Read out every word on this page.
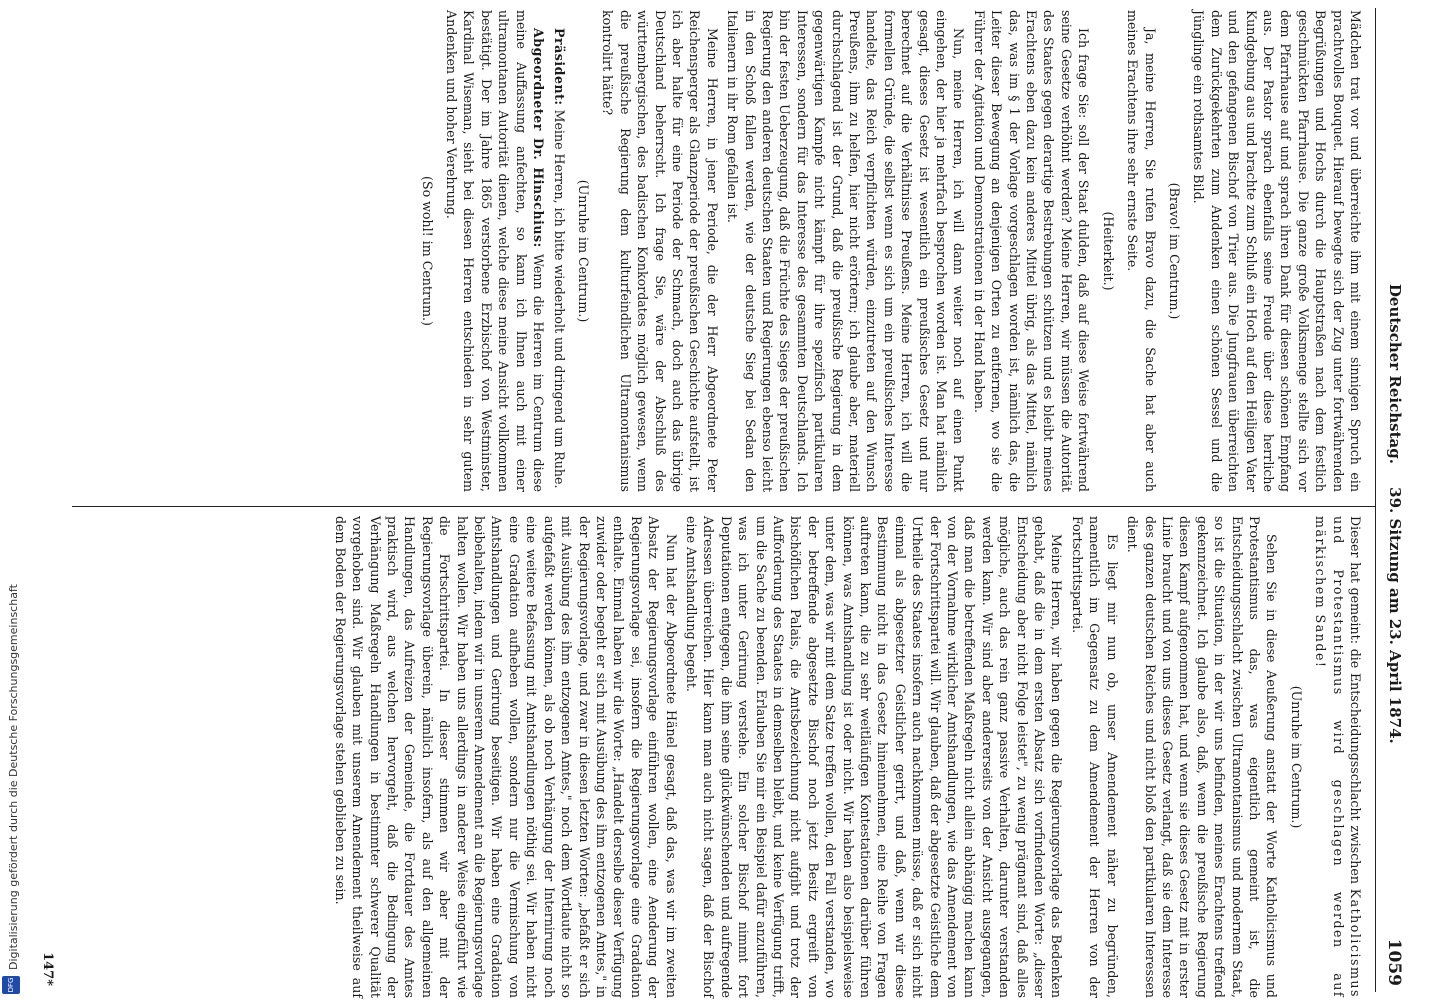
Deutscher Reichstag.
39. Sitzung am 23. April 1874.
1059

Mädchen trat vor und überreichte ihm mit einem sinnigen Spruch ein prachtvolles Bouquet. Hierauf bewegte sich der Zug unter fortwährenden Begrüßungen und Hochs durch die Hauptstraßen nach dem festlich geschmückten Pfarrhause. Die ganze große Volksmenge stellte sich vor dem Pfarrhause auf und sprach ihren Dank für diesen schönen Empfang aus. Der Pastor sprach ebenfalls seine Freude über diese herrliche Kundgebung aus und brachte zum Schluß ein Hoch auf den Heiligen Vater und den gefangenen Bischof von Trier aus. Die Jungfrauen überreichten dem Zurückgekehrten zum Andenken einen schönen Sessel und die Jünglinge ein rothsamtes Bild.

(Bravo! im Centrum.)

Ja, meine Herren, Sie rufen Bravo dazu, die Sache hat aber auch meines Erachtens ihre sehr ernste Seite.

(Heiterkeit.)

Ich frage Sie: soll der Staat dulden, daß auf diese Weise fortwährend seine Gesetze verhöhnt werden? Meine Herren, wir müssen die Autorität des Staates gegen derartige Bestrebungen schützen und es bleibt meines Erachtens eben dazu kein anderes Mittel übrig, als das Mittel, nämlich das, was im § 1 der Vorlage vorgeschlagen worden ist, nämlich das, die Leiter dieser Bewegung an denjenigen Orten zu entfernen, wo sie die Führer der Agitation und Demonstrationen in der Hand haben.

Nun, meine Herren, ich will dann weiter noch auf einen Punkt eingehen, der hier ja mehrfach besprochen worden ist. Man hat nämlich gesagt, dieses Gesetz ist wesentlich ein preußisches Gesetz und nur berechnet auf die Verhältnisse Preußens. Meine Herren, ich will die formellen Gründe, die selbst wenn es sich um ein preußisches Interesse handelte, das Reich verpflichten würden, einzutreten auf den Wunsch Preußens, ihm zu helfen, hier nicht erörtern; ich glaube aber, materiell durchschlagend ist der Grund, daß die preußische Regierung in dem gegenwärtigen Kampfe nicht kämpft für ihre spezifisch partikularen Interessen, sondern für das Interesse des gesammten Deutschlands. Ich bin der festen Ueberzeugung, daß die Früchte des Sieges der preußischen Regierung den anderen deutschen Staaten und Regierungen ebenso leicht in den Schoß fallen werden, wie der deutsche Sieg bei Sedan den Italienern in ihr Rom gefallen ist.

Meine Herren, in jener Periode, die der Herr Abgeordnete Peter Reichensperger als Glanzperiode der preußischen Geschichte aufstellt, ist ich aber halte für eine Periode der Schmach, doch auch das übrige Deutschland beherrscht. Ich frage Sie, wäre der Abschluß des württembergischen, des badischen Konkordates möglich gewesen, wenn die preußische Regierung dem kulturfeindlichen Ultramontanismus kontrolirt hätte?

(Unruhe im Centrum.)

Präsident: Meine Herren, ich bitte wiederholt und dringend um Ruhe.

Abgeordneter Dr. Hinschius: Wenn die Herren im Centrum diese meine Auffassung anfechten, so kann ich Ihnen auch mit einer ultramontanen Autorität dienen, welche diese meine Ansicht vollkommen bestätigt. Der im Jahre 1865 verstorbene Erzbischof von Westminster, Kardinal Wiseman, sieht bei diesen Herren entschieden in sehr gutem Andenken und hoher Verehrung.

(So wohl! im Centrum.)

Dieser hat gemeint: die Entscheidungsschlacht zwischen Katholicismus und Protestantismus wird geschlagen werden auf märkischem Sande!

(Unruhe im Centrum.)

Sehen Sie in diese Aeußerung anstatt der Worte Katholicismus und Protestantismus das, was eigentlich gemeint ist, die Entscheidungsschlacht zwischen Ultramontanismus und modernem Staat, so ist die Situation, in der wir uns befinden, meines Erachtens treffend gekennzeichnet. Ich glaube also, daß, wenn die preußische Regierung diesen Kampf aufgenommen hat, und wenn sie dieses Gesetz mit in erster Linie braucht und von uns dieses Gesetz verlangt, daß sie dem Interesse des ganzen deutschen Reiches und nicht bloß den partikularen Interessen dient.

Es liegt mir nun ob, unser Amendement näher zu begründen, namentlich im Gegensatz zu dem Amendement der Herren von der Fortschrittspartei.

Meine Herren, wir haben gegen die Regierungsvorlage das Bedenken gehabt, daß die in dem ersten Absatz sich vorfindenden Worte: „dieser Entscheidung aber nicht Folge leistet", zu wenig prägnant sind, daß alles mögliche, auch das rein ganz passive Verhalten, darunter verstanden werden kann. Wir sind aber andererseits von der Ansicht ausgegangen, daß man die betreffenden Maßregeln nicht allein abhängig machen kann von der Vornahme wirklicher Amtshandlungen, wie das Amendement von der Fortschrittspartei will. Wir glauben, daß der abgesetzte Geistliche dem Urtheile des Staates insofern auch nachkommen müsse, daß er sich nicht einmal als abgesetzter Geistlicher gerirt, und daß, wenn wir diese Bestimmung nicht in das Gesetz hineinnehmen, eine Reihe von Fragen auftreten kann, die zu sehr weitläufigen Kontestationen darüber führen können, was Amtshandlung ist oder nicht. Wir haben also beispielsweise unter dem, was wir mit dem Satze treffen wollen, den Fall verstanden, wo der betreffende abgesetzte Bischof noch jetzt Besitz ergreift von bischöflichen Palais, die Amtsbezeichnung nicht aufgibt und trotz der Aufforderung des Staates in demselben bleibt, und keine Verfügung trifft, um die Sache zu beenden. Erlauben Sie mir ein Beispiel dafür anzuführen, was ich unter Gerirung verstehe. Ein solcher Bischof nimmt fort Deputationen entgegen, die ihm seine glückwünschenden und aufregende Adressen überreichen. Hier kann man auch nicht sagen, daß der Bischof eine Amtshandlung begeht.

Nun hat der Abgeordnete Hänel gesagt, daß das, was wir im zweiten Absatz der Regierungsvorlage einführen wollen, eine Aenderung der Regierungsvorlage sei, insofern die Regierungsvorlage eine Gradation enthalte. Einmal haben wir die Worte: „Handelt derselbe dieser Verfügung zuwider oder begeht er sich mit Ausübung des ihm entzogenen Amtes," in der Regierungsvorlage, und zwar in diesen letzten Worten: „befaßt er sich mit Ausübung des ihm entzogenen Amtes," noch dem Wortlaute nicht so aufgefaßt werden können, als ob noch Verhängung der Internirung noch eine weitere Befassung mit Amtshandlungen nöthig sei. Wir haben nicht eine Gradation aufheben wollen, sondern nur die Vermischung von Amtshandlungen und Gerirung beseitigen. Wir haben eine Gradation beibehalten, indem wir in unserem Amendement an die Regierungsvorlage halten wollen. Wir haben uns allerdings in anderer Weise eingeführt wie die Fortschrittspartei. In dieser stimmen wir aber mit der Regierungsvorlage überein, nämlich insofern, als auf den allgemeinen Handlungen, das Aufreizen der Gemeinde, die Fortdauer des Amtes praktisch wird, aus welchen hervorgeht, daß die Bedingung der Verhängung Maßregeln Handlungen in bestimmter schwerer Qualität vorgehoben sind. Wir glauben mit unserem Amendement theilweise auf dem Boden der Regierungsvorlage stehen geblieben zu sein.

147*
DFG
Digitalisierung gefördert durch die Deutsche Forschungsgemeinschaft
